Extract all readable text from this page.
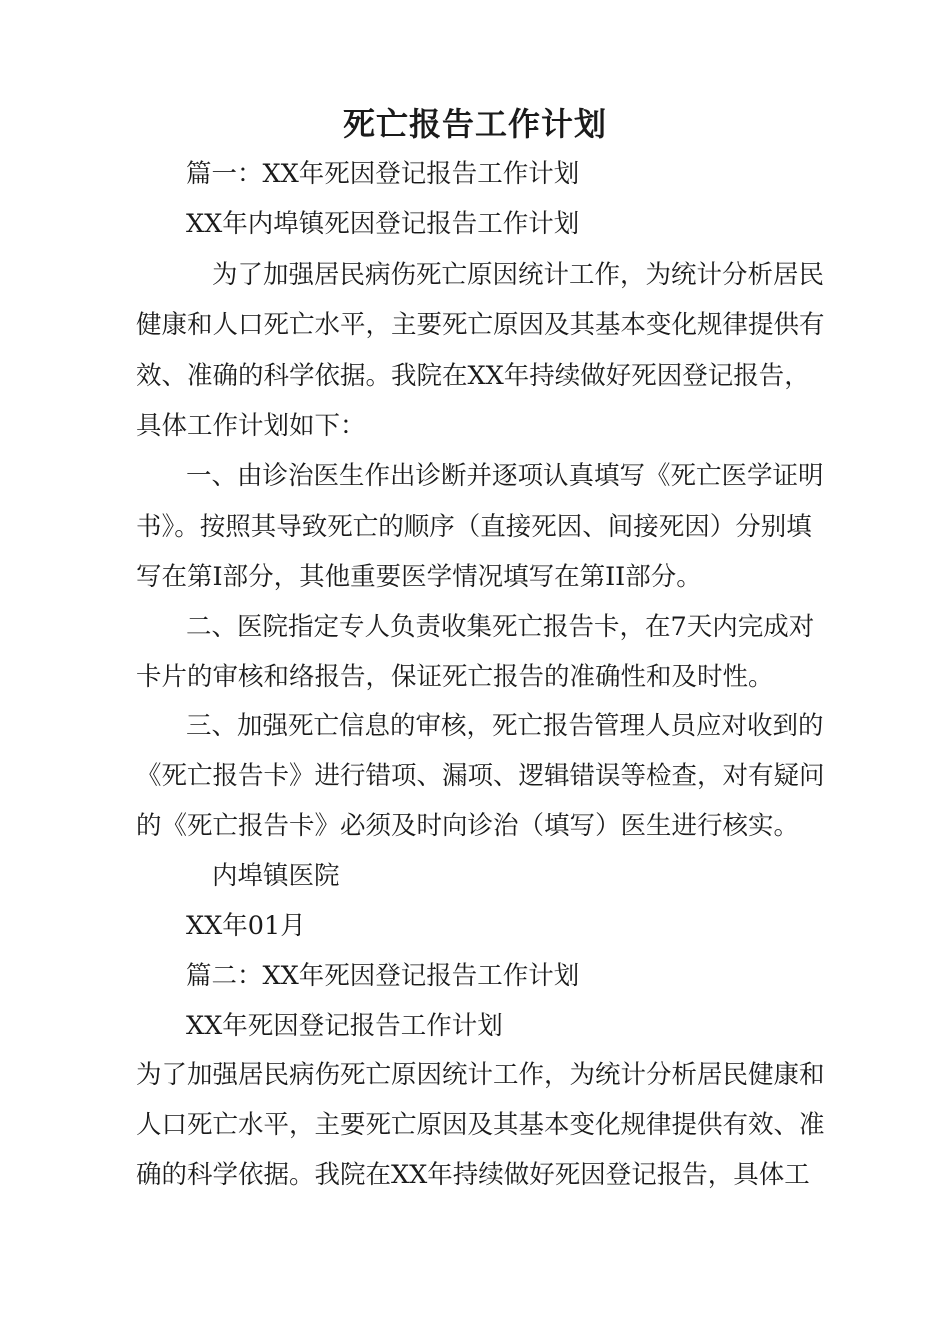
死亡报告工作计划
篇一：XX年死因登记报告工作计划
XX年内埠镇死因登记报告工作计划
为了加强居民病伤死亡原因统计工作，为统计分析居民
健康和人口死亡水平，主要死亡原因及其基本变化规律提供有
效、准确的科学依据。我院在XX年持续做好死因登记报告，
具体工作计划如下：
一、由诊治医生作出诊断并逐项认真填写《死亡医学证明
书》。按照其导致死亡的顺序（直接死因、间接死因）分别填
写在第I部分，其他重要医学情况填写在第II部分。
二、医院指定专人负责收集死亡报告卡，在7天内完成对
卡片的审核和络报告，保证死亡报告的准确性和及时性。
三、加强死亡信息的审核，死亡报告管理人员应对收到的
《死亡报告卡》进行错项、漏项、逻辑错误等检查，对有疑问
的《死亡报告卡》必须及时向诊治（填写）医生进行核实。
内埠镇医院
XX年01月
篇二：XX年死因登记报告工作计划
XX年死因登记报告工作计划
为了加强居民病伤死亡原因统计工作，为统计分析居民健康和
人口死亡水平，主要死亡原因及其基本变化规律提供有效、准
确的科学依据。我院在XX年持续做好死因登记报告，具体工
